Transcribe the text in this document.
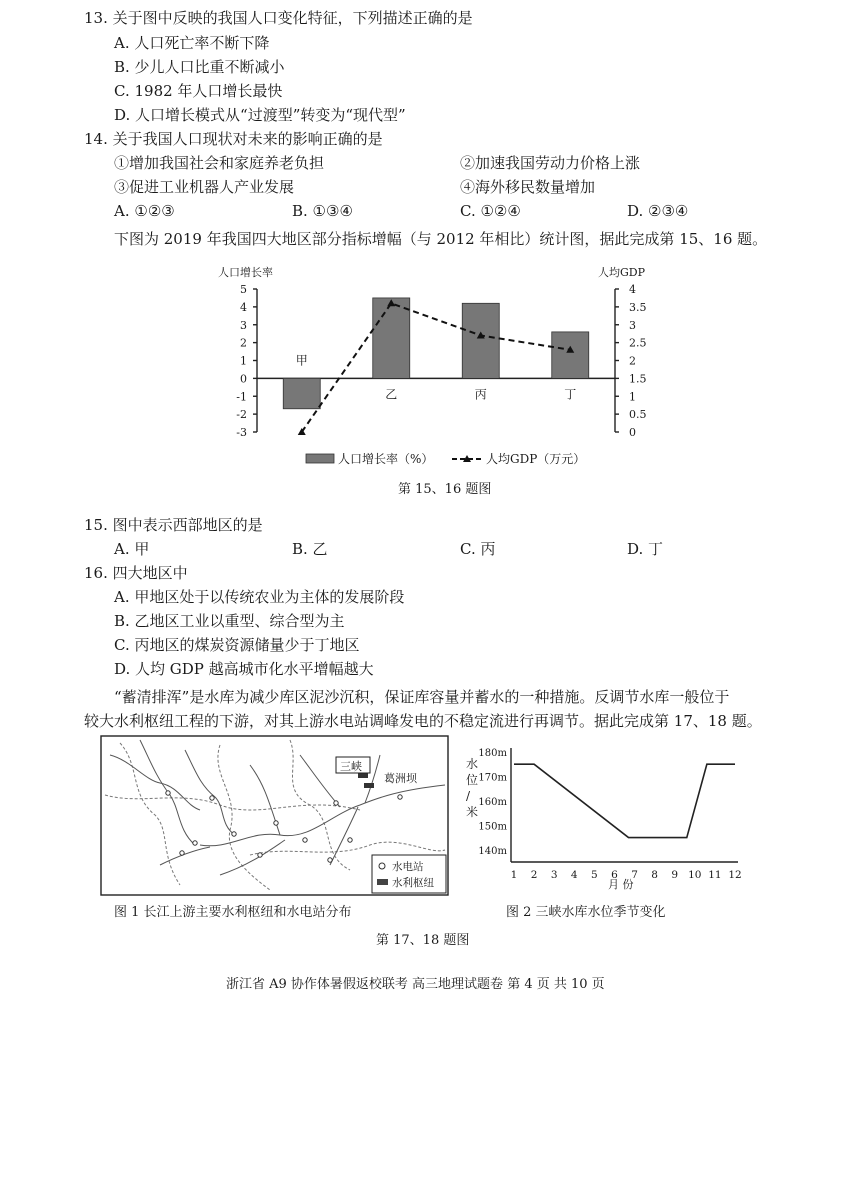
13. 关于图中反映的我国人口变化特征，下列描述正确的是
A. 人口死亡率不断下降
B. 少儿人口比重不断减小
C. 1982 年人口增长最快
D. 人口增长模式从“过渡型”转变为“现代型”
14. 关于我国人口现状对未来的影响正确的是
①增加我国社会和家庭养老负担	②加速我国劳动力价格上涨
③促进工业机器人产业发展	④海外移民数量增加
A. ①②③	B. ①③④	C. ①②④	D. ②③④
下图为 2019 年我国四大地区部分指标增幅（与 2012 年相比）统计图，据此完成第 15、16 题。
人口增长率	人均GDP
5
4
3
2
1
0
-1
-2
-3
4
3.5
3
2.5
2
1.5
1
0.5
0
甲
乙	丙	丁
人口增长率（%）	人均GDP（万元）
第 15、16 题图
15. 图中表示西部地区的是
A. 甲	B. 乙	C. 丙	D. 丁
16. 四大地区中
A. 甲地区处于以传统农业为主体的发展阶段
B. 乙地区工业以重型、综合型为主
C. 丙地区的煤炭资源储量少于丁地区
D. 人均 GDP 越高城市化水平增幅越大
“蓄清排浑”是水库为减少库区泥沙沉积，保证库容量并蓄水的一种措施。反调节水库一般位于
较大水利枢纽工程的下游，对其上游水电站调峰发电的不稳定流进行再调节。据此完成第 17、18 题。
三峡
葛洲坝
水电站
水利枢纽
水位/米
180m
170m
160m
150m
140m
1 2 3 4 5 6 7 8 9 10 11 12
月 份
图 1 长江上游主要水利枢纽和水电站分布	图 2 三峡水库水位季节变化
第 17、18 题图
浙江省 A9 协作体暑假返校联考 高三地理试题卷 第 4 页 共 10 页
